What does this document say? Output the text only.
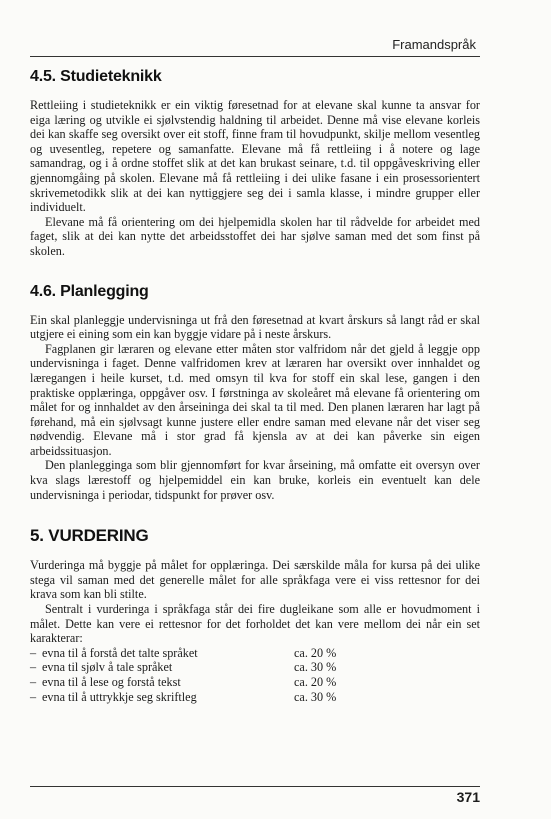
Framandspråk
4.5. Studieteknikk

Rettleiing i studieteknikk er ein viktig føresetnad for at elevane skal kunne ta ansvar for eiga læring og utvikle ei sjølvstendig haldning til arbeidet. Denne må vise elevane korleis dei kan skaffe seg oversikt over eit stoff, finne fram til hovudpunkt, skilje mellom vesentleg og uvesentleg, repetere og samanfatte. Elevane må få rettleiing i å notere og lage samandrag, og i å ordne stoffet slik at det kan brukast seinare, t.d. til oppgåveskriving eller gjennomgåing på skolen. Elevane må få rettleiing i dei ulike fasane i ein prosessorientert skrivemetodikk slik at dei kan nyttiggjere seg dei i samla klasse, i mindre grupper eller individuelt.

Elevane må få orientering om dei hjelpemidla skolen har til rådvelde for arbeidet med faget, slik at dei kan nytte det arbeidsstoffet dei har sjølve saman med det som finst på skolen.

4.6. Planlegging

Ein skal planleggje undervisninga ut frå den føresetnad at kvart årskurs så langt råd er skal utgjere ei eining som ein kan byggje vidare på i neste årskurs.

Fagplanen gir læraren og elevane etter måten stor valfridom når det gjeld å leggje opp undervisninga i faget. Denne valfridomen krev at læraren har oversikt over innhaldet og læregangen i heile kurset, t.d. med omsyn til kva for stoff ein skal lese, gangen i den praktiske opplæringa, oppgåver osv. I førstninga av skoleåret må elevane få orientering om målet for og innhaldet av den årseininga dei skal ta til med. Den planen læraren har lagt på førehand, må ein sjølvsagt kunne justere eller endre saman med elevane når det viser seg nødvendig. Elevane må i stor grad få kjensla av at dei kan påverke sin eigen arbeidssituasjon.

Den planlegginga som blir gjennomført for kvar årseining, må omfatte eit oversyn over kva slags lærestoff og hjelpemiddel ein kan bruke, korleis ein eventuelt kan dele undervisninga i periodar, tidspunkt for prøver osv.

5. VURDERING

Vurderinga må byggje på målet for opplæringa. Dei særskilde måla for kursa på dei ulike stega vil saman med det generelle målet for alle språkfaga vere ei viss rettesnor for dei krava som kan bli stilte.

Sentralt i vurderinga i språkfaga står dei fire dugleikane som alle er hovudmoment i målet. Dette kan vere ei rettesnor for det forholdet det kan vere mellom dei når ein set karakterar:

– evna til å forstå det talte språket	ca. 20 %
– evna til sjølv å tale språket	ca. 30 %
– evna til å lese og forstå tekst	ca. 20 %
– evna til å uttrykkje seg skriftleg	ca. 30 %
371
